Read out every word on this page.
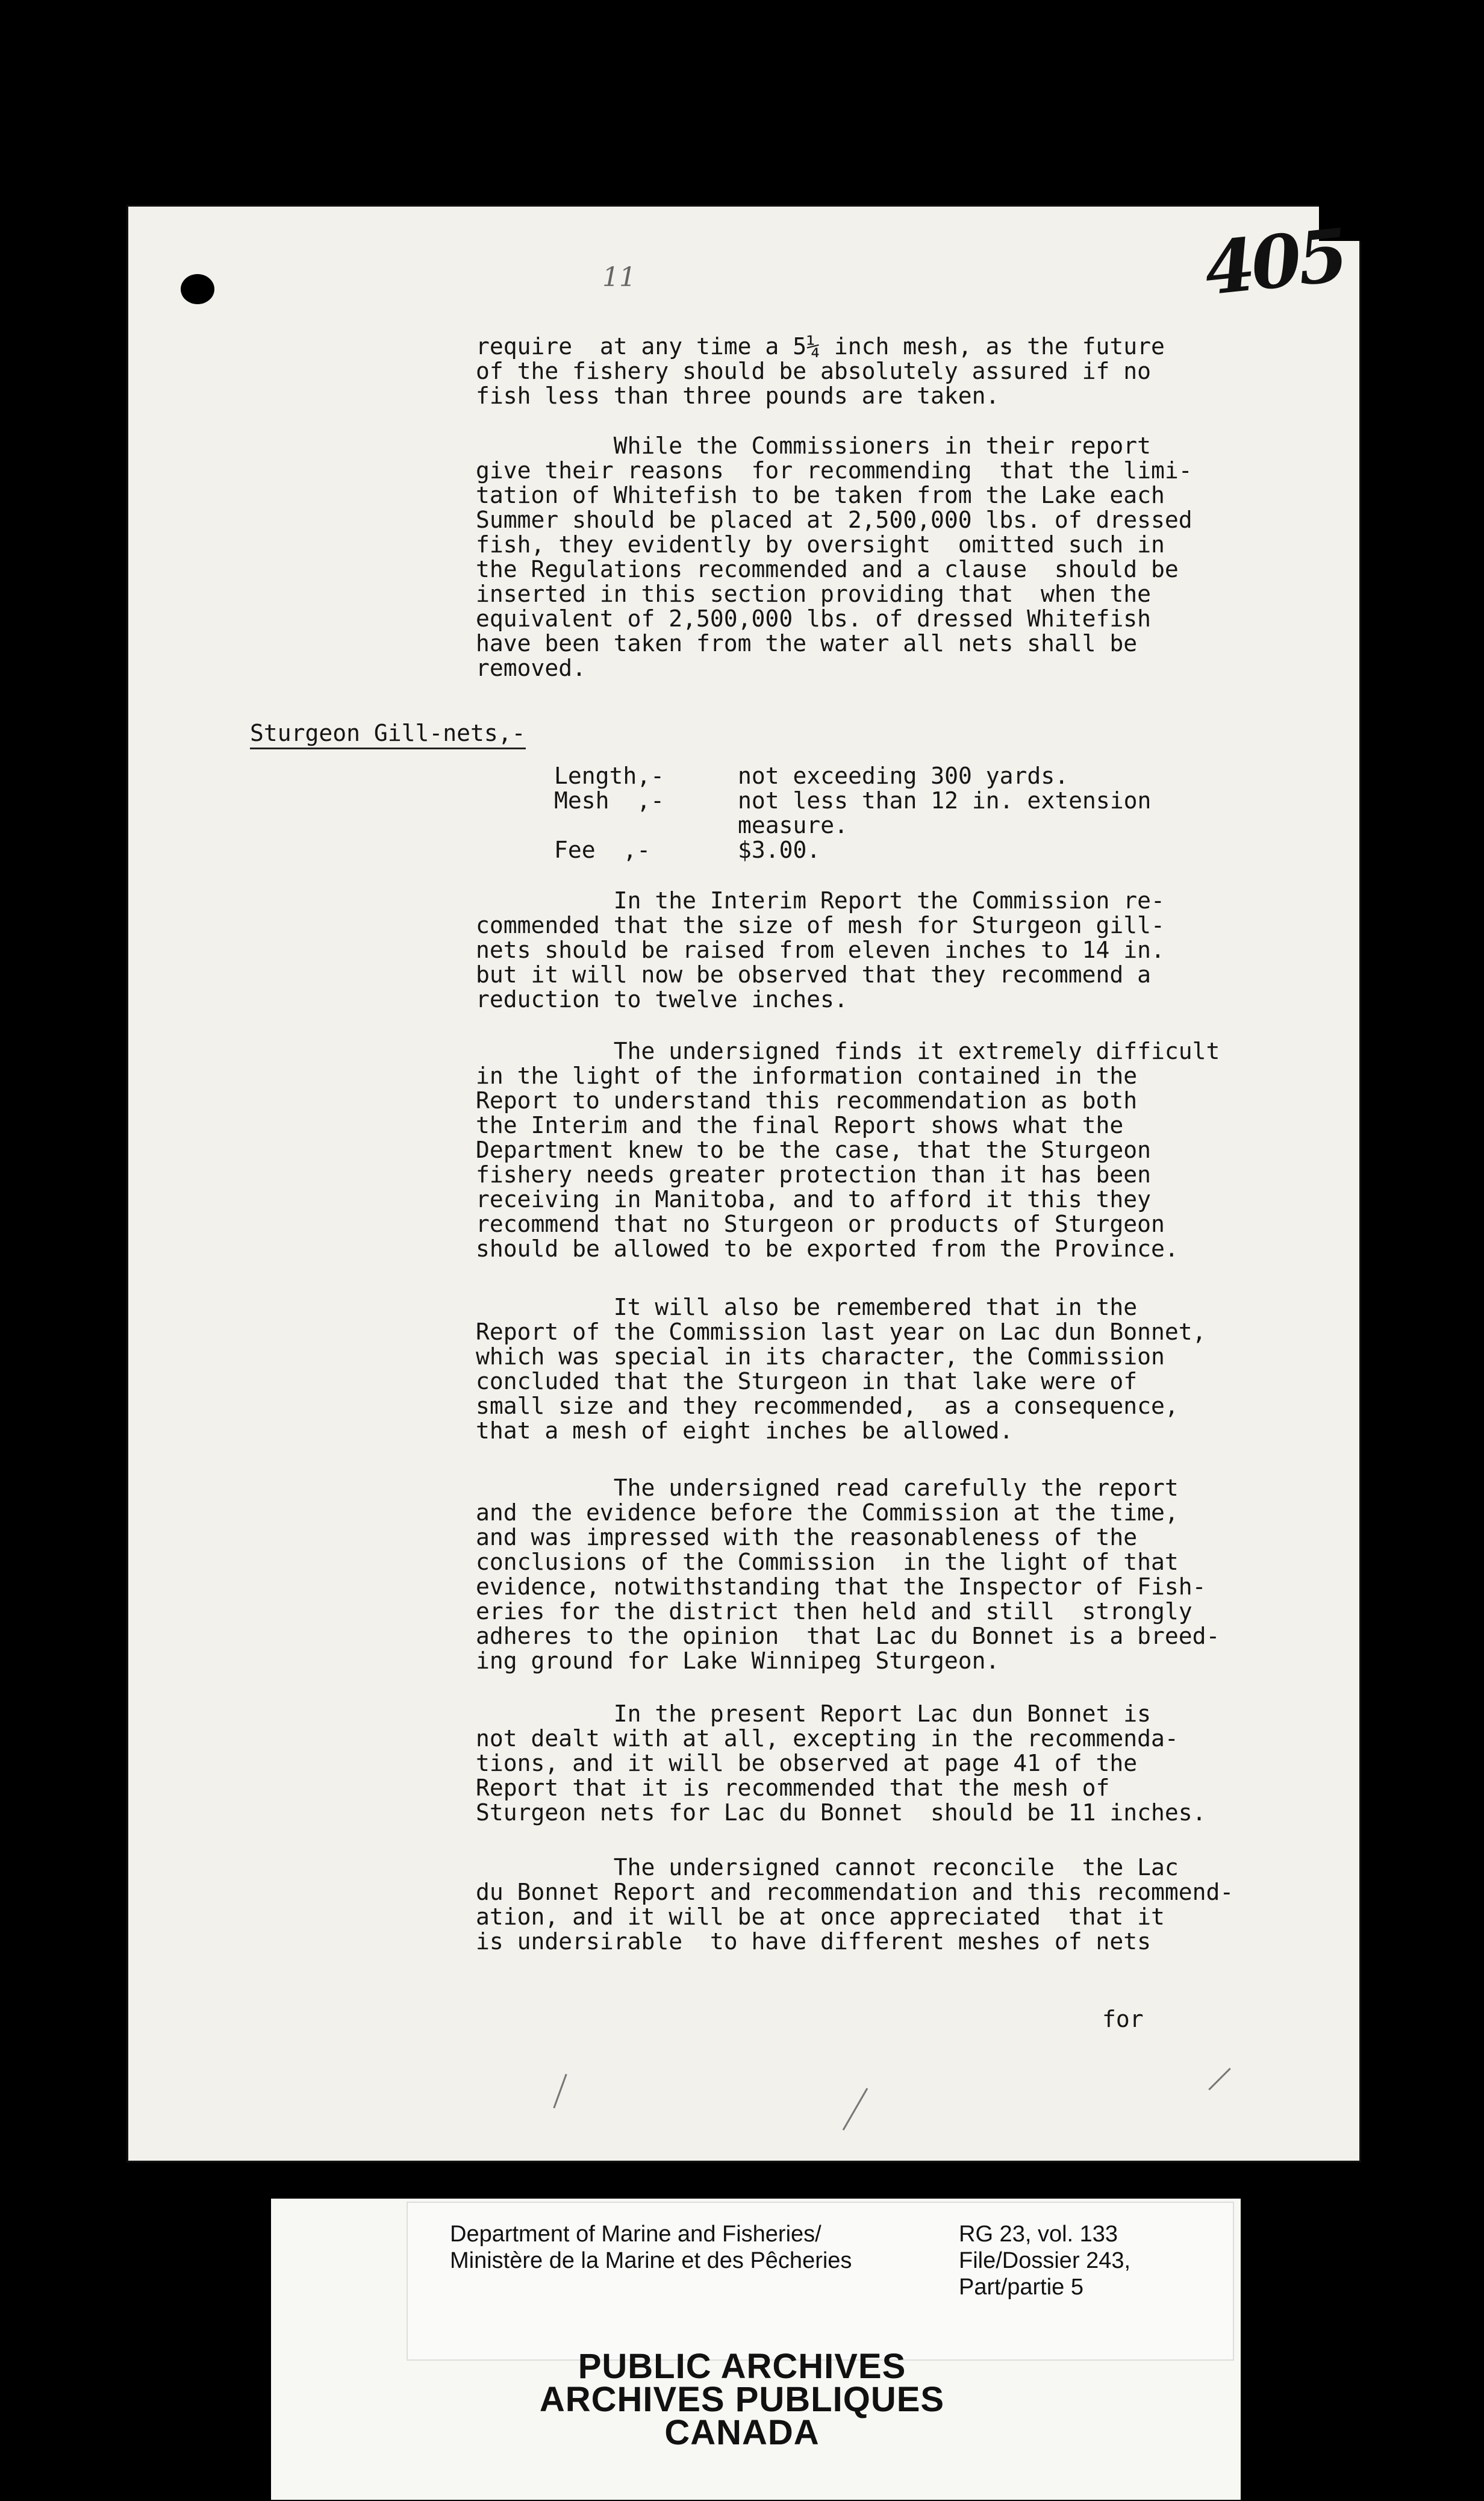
405
11
require  at any time a 5¼ inch mesh, as the future
of the fishery should be absolutely assured if no
fish less than three pounds are taken.
While the Commissioners in their report
give their reasons  for recommending  that the limi-
tation of Whitefish to be taken from the Lake each
Summer should be placed at 2,500,000 lbs. of dressed
fish, they evidently by oversight  omitted such in
the Regulations recommended and a clause  should be
inserted in this section providing that  when the
equivalent of 2,500,000 lbs. of dressed Whitefish
have been taken from the water all nets shall be
removed.
Sturgeon Gill-nets,-
Length,-	not exceeding 300 yards.
Mesh  ,-	not less than 12 in. extension
measure.
Fee  ,-	$3.00.
In the Interim Report the Commission re-
commended that the size of mesh for Sturgeon gill-
nets should be raised from eleven inches to 14 in.
but it will now be observed that they recommend a
reduction to twelve inches.
The undersigned finds it extremely difficult
in the light of the information contained in the
Report to understand this recommendation as both
the Interim and the final Report shows what the
Department knew to be the case, that the Sturgeon
fishery needs greater protection than it has been
receiving in Manitoba, and to afford it this they
recommend that no Sturgeon or products of Sturgeon
should be allowed to be exported from the Province.
It will also be remembered that in the
Report of the Commission last year on Lac dun Bonnet,
which was special in its character, the Commission
concluded that the Sturgeon in that lake were of
small size and they recommended,  as a consequence,
that a mesh of eight inches be allowed.
The undersigned read carefully the report
and the evidence before the Commission at the time,
and was impressed with the reasonableness of the
conclusions of the Commission  in the light of that
evidence, notwithstanding that the Inspector of Fish-
eries for the district then held and still  strongly
adheres to the opinion  that Lac du Bonnet is a breed-
ing ground for Lake Winnipeg Sturgeon.
In the present Report Lac dun Bonnet is
not dealt with at all, excepting in the recommenda-
tions, and it will be observed at page 41 of the
Report that it is recommended that the mesh of
Sturgeon nets for Lac du Bonnet  should be 11 inches.
The undersigned cannot reconcile  the Lac
du Bonnet Report and recommendation and this recommend-
ation, and it will be at once appreciated  that it
is undersirable  to have different meshes of nets
for
Department of Marine and Fisheries/
Ministère de la Marine et des Pêcheries
RG 23, vol. 133
File/Dossier 243,
Part/partie 5
PUBLIC ARCHIVES
ARCHIVES PUBLIQUES
CANADA
